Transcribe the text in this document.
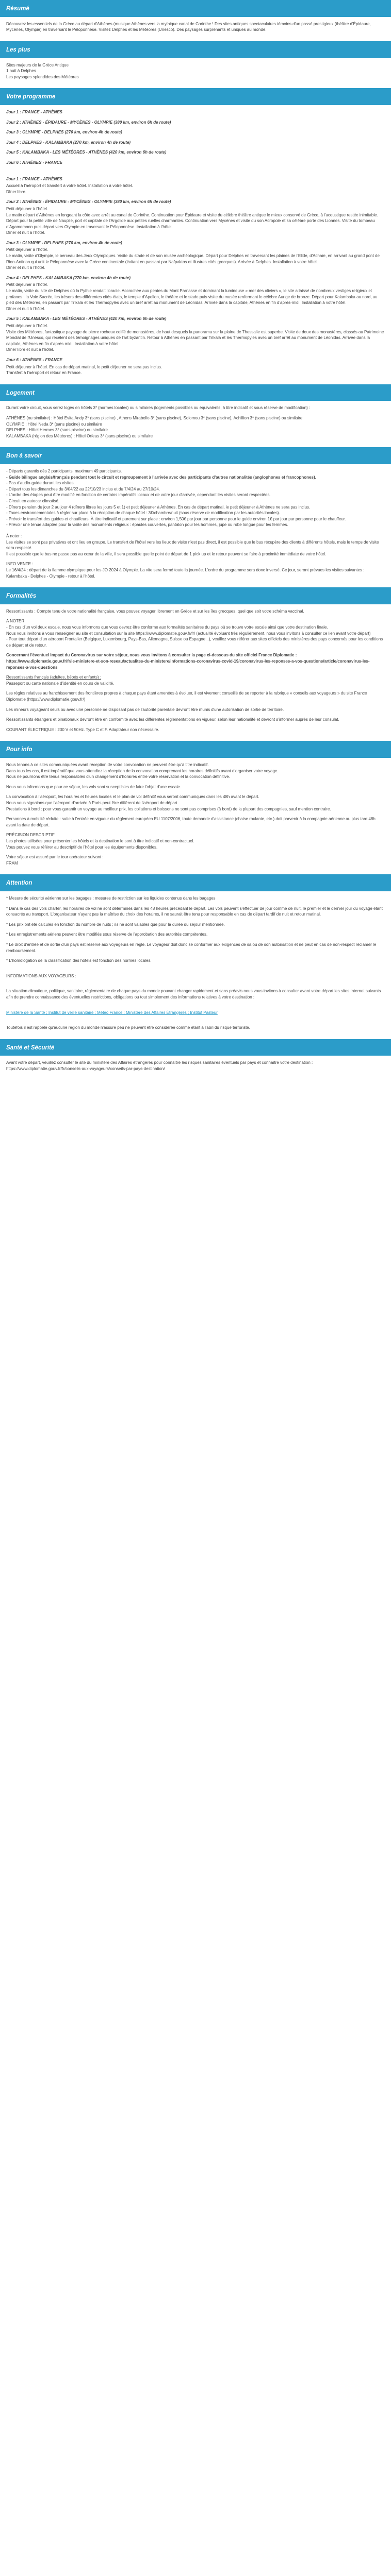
Résumé

Découvrez les essentiels de la Grèce au départ d'Athènes (musique Athènes vers la mythique canal de Corinthe ! Des sites antiques spectaculaires témoins d'un passé prestigieux (théâtre d'Épidaure, Mycènes, Olympie) en traversant le Péloponnèse. Visitez Delphes et les Météores (Unesco). Des paysages surprenants et uniques au monde.

Les plus

Sites majeurs de la Grèce Antique

1 nuit à Delphes

Les paysages splendides des Météores

Votre programme

Jour 1 : FRANCE - ATHÈNES

Jour 2 : ATHÈNES - ÉPIDAURE - MYCÈNES - OLYMPIE (380 km, environ 6h de route)

Jour 3 : OLYMPIE - DELPHES (270 km, environ 4h de route)

Jour 4 : DELPHES - KALAMBAKA (270 km, environ 4h de route)

Jour 5 : KALAMBAKA - LES MÉTÉORES - ATHÈNES (420 km, environ 6h de route)

Jour 6 : ATHÈNES - FRANCE

Jour 1 : FRANCE - ATHÈNES

Accueil à l'aéroport et transfert à votre hôtel. Installation à votre hôtel.

Dîner libre.

Jour 2 : ATHÈNES - ÉPIDAURE - MYCÈNES - OLYMPIE (380 km, environ 6h de route)

Petit déjeuner à l'hôtel.

Le matin départ d'Athènes en longeant la côte avec arrêt au canal de Corinthe. Continuation pour Épidaure et visite du célèbre théâtre antique le mieux conservé de Grèce, à l'acoustique restée inimitable. Départ pour la petite ville de Nauplie, port et capitale de l'Argolide aux petites ruelles charmantes. Continuation vers Mycènes et visite du son Acropole et sa célèbre porte des Lionnes. Visite du tombeau d'Agamemnon puis départ vers Olympie en traversant le Péloponnèse. Installation à l'hôtel.

Dîner et nuit à l'hôtel.

Jour 3 : OLYMPIE - DELPHES (270 km, environ 4h de route)

Petit déjeuner à l'hôtel.

Le matin, visite d'Olympie, le berceau des Jeux Olympiques. Visite du stade et de son musée archéologique. Départ pour Delphes en traversant les plaines de l'Elide, d'Achaïe, en arrivant au grand pont de Rion-Antirion qui unit le Péloponnèse avec la Grèce continentale (évitant en passant par Nafpaktos et illustres cités grecques). Arrivée à Delphes. Installation à votre hôtel.

Dîner et nuit à l'hôtel.

Jour 4 : DELPHES - KALAMBAKA (270 km, environ 4h de route)

Petit déjeuner à l'hôtel.

Le matin, visite du site de Delphes où la Pythie rendait l'oracle. Accrochée aux pentes du Mont Parnasse et dominant la lumineuse « mer des oliviers », le site a laissé de nombreux vestiges religieux et profanes : la Voie Sacrée, les trésors des différentes cités-états, le temple d'Apollon, le théâtre et le stade puis visite du musée renfermant le célèbre Aurige de bronze. Départ pour Kalambaka au nord, au pied des Météores, en passant par Trikala et les Thermopyles avec un bref arrêt au monument de Léonidas. Arrivée dans la capitale, Athènes en fin d'après-midi. Installation à votre hôtel.

Dîner et nuit à l'hôtel.

Jour 5 : KALAMBAKA - LES MÉTÉORES - ATHÈNES (420 km, environ 6h de route)

Petit déjeuner à l'hôtel.

Visite des Météores, fantastique paysage de pierre rocheux coiffé de monastères, de haut desquels la panorama sur la plaine de Thessalie est superbe. Visite de deux des monastères, classés au Patrimoine Mondial de l'Unesco, qui recèlent des témoignages uniques de l'art byzantin. Retour à Athènes en passant par Trikala et les Thermopyles avec un bref arrêt au monument de Léonidas. Arrivée dans la capitale, Athènes en fin d'après-midi. Installation à votre hôtel.

Dîner libre et nuit à l'hôtel.

Jour 6 : ATHÈNES - FRANCE

Petit déjeuner à l'hôtel. En cas de départ matinal, le petit déjeuner ne sera pas inclus.

Transfert à l'aéroport et retour en France.

Logement

Durant votre circuit, vous serez logés en hôtels 3* (normes locales) ou similaires (logements possibles ou équivalents, à titre indicatif et sous réserve de modification) :

ATHÈNES (ou similaire) : Hôtel Evita Andy 3* (sans piscine) , Athens Mirabello 3* (sans piscine), Solomou 3* (sans piscine), Achillion 3* (sans piscine) ou similaire

OLYMPIE : Hôtel Neda 3* (sans piscine) ou similaire

DELPHES : Hôtel Hermes 3* (sans piscine) ou similaire

KALAMBAKA (région des Météores) : Hôtel Orfeas 3* (sans piscine) ou similaire

Bon à savoir

- Départs garantis dès 2 participants, maximum 49 participants.

- Guide bilingue anglais/français pendant tout le circuit et regroupement à l'arrivée avec des participants d'autres nationalités (anglophones et francophones).

- Pas d'audio-guide durant les visites.

- Départ tous les dimanches du 3/04/22 au 22/10/23 inclus et du 7/4/24 au 27/10/24.

- L'ordre des étapes peut être modifié en fonction de certains impératifs locaux et de votre jour d'arrivée, cependant les visites seront respectées.

- Circuit en autocar climatisé.

- Dîners pension du jour 2 au jour 4 (dîners libres les jours 5 et 1) et petit déjeuner à Athènes. En cas de départ matinal, le petit déjeuner à Athènes ne sera pas inclus.

- Taxes environnementales à régler sur place à la réception de chaque hôtel : 3€/chambre/nuit (sous réserve de modification par les autorités locales).

- Prévoir le transfert des guides et chauffeurs. À titre indicatif et purement sur place : environ 1,50€ par jour par personne pour le guide environ 1€ par jour par personne pour le chauffeur.

- Prévoir une tenue adaptée pour la visite des monuments religieux : épaules couvertes, pantalon pour les hommes, jupe ou robe longue pour les femmes.

À noter :

Les visites se sont pas privatives et ont lieu en groupe. Le transfert de l'hôtel vers les lieux de visite n'est pas direct, il est possible que le bus récupère des clients à différents hôtels, mais le temps de visite sera respecté.

Il est possible que le bus ne passe pas au cœur de la ville, il sera possible que le point de départ de 1 pick up et le retour peuvent se faire à proximité immédiate de votre hôtel.

INFO VENTE :

Le 16/4/24 : départ de la flamme olympique pour les JO 2024 à Olympie. La vite sera fermé toute la journée. L'ordre du programme sera donc inversé. Ce jour, seront prévues les visites suivantes : Kalambaka - Delphes - Olympie - retour à l'hôtel.

Formalités

Ressortissants : Compte tenu de votre nationalité française, vous pouvez voyager librement en Grèce et sur les îles grecques, quel que soit votre schéma vaccinal.

A NOTER

- En cas d'un vol deux escale, nous vous informons que vous devrez être conforme aux formalités sanitaires du pays où se trouve votre escale ainsi que votre destination finale.

Nous vous invitons à vous renseigner au site et consultation sur la site https://www.diplomatie.gouv.fr/fr/ (actualité évoluant très régulièrement, nous vous invitons à consulter ce lien avant votre départ)

- Pour tout départ d'un aéroport Frontalier (Belgique, Luxembourg, Pays-Bas, Allemagne, Suisse ou Espagne...), veuillez vous référer aux sites officiels des ministères des pays concernés pour les conditions de départ et de retour.

Concernant l'éventuel Impact du Coronavirus sur votre séjour, nous vous invitons à consulter la page ci-dessous du site officiel France Diplomatie :

https://www.diplomatie.gouv.fr/fr/le-ministere-et-son-reseau/actualites-du-ministere/informations-coronavirus-covid-19/coronavirus-les-reponses-a-vos-questions/article/coronavirus-les-reponses-a-vos-questions

Ressortissants français (adultes, bébés et enfants) :

Passeport ou carte nationale d'identité en cours de validité.

Les règles relatives au franchissement des frontières propres à chaque pays étant amenées à évoluer, il est vivement conseillé de se reporter à la rubrique « conseils aux voyageurs » du site France Diplomatie (https://www.diplomatie.gouv.fr/)

Les mineurs voyageant seuls ou avec une personne ne disposant pas de l'autorité parentale devront être munis d'une autorisation de sortie de territoire.

Ressortissants étrangers et binationaux devront être en conformité avec les différentes réglementations en vigueur, selon leur nationalité et devront s'informer auprès de leur consulat.

COURANT ÉLECTRIQUE : 230 V et 50Hz. Type C et F. Adaptateur non nécessaire.

Pour info

Nous tenons à ce sites communiquées avant réception de votre convocation ne peuvent être qu'à titre indicatif.

Dans tous les cas, il est impératif que vous attendiez la réception de la convocation comprenant les horaires définitifs avant d'organiser votre voyage.

Nous ne pourrions être tenus responsables d'un changement d'horaires entre votre réservation et la convocation définitive.

Nous vous informons que pour ce séjour, les vols sont susceptibles de faire l'objet d'une escale.

La convocation à l'aéroport, les horaires et heures locales et le plan de vol définitif vous seront communiqués dans les 48h avant le départ.

Nous vous signalons que l'aéroport d'arrivée à Paris peut être différent de l'aéroport de départ.

Prestations à bord : pour vous garantir un voyage au meilleur prix, les collations et boissons ne sont pas comprises (à bord) de la plupart des compagnies, sauf mention contraire.

Personnes à mobilité réduite : suite à l'entrée en vigueur du règlement européen EU 1107/2006, toute demande d'assistance (chaise roulante, etc.) doit parvenir à la compagnie aérienne au plus tard 48h avant la date de départ.

PRÉCISION DESCRIPTIF

Les photos utilisées pour présenter les hôtels et la destination le sont à titre indicatif et non-contractuel.

Vous pouvez vous référer au descriptif de l'hôtel pour les équipements disponibles.

Votre séjour est assuré par le tour opérateur suivant :

FRAM

Attention

* Mesure de sécurité aérienne sur les bagages : mesures de restriction sur les liquides contenus dans les bagages

* Dans le cas des vols charter, les horaires de vol ne sont déterminés dans les 48 heures précédant le départ. Les vols peuvent s'effectuer de jour comme de nuit, le premier et le dernier jour du voyage étant consacrés au transport. L'organisateur n'ayant pas la maîtrise du choix des horaires, il ne saurait être tenu pour responsable en cas de départ tardif de nuit et retour matinal.

* Les prix ont été calculés en fonction du nombre de nuits ; ils ne sont valables que pour la durée du séjour mentionnée.

* Les enregistrements aériens peuvent être modifiés sous réserve de l'approbation des autorités compétentes.

* Le droit d'entrée et de sortie d'un pays est réservé aux voyageurs en règle. Le voyageur doit donc se conformer aux exigences de sa ou de son autorisation et ne peut en cas de non-respect réclamer le remboursement.

* L'homologation de la classification des hôtels est fonction des normes locales.

INFORMATIONS AUX VOYAGEURS :

La situation climatique, politique, sanitaire, réglementaire de chaque pays du monde pouvant changer rapidement et sans préavis nous vous invitons à consulter avant votre départ les sites Internet suivants afin de prendre connaissance des éventuelles restrictions, obligations ou tout simplement des informations relatives à votre destination :

Ministère de la Santé ; Institut de veille sanitaire ; Météo France ; Ministère des Affaires Étrangères ; Institut Pasteur

Toutefois il est rappelé qu'aucune région du monde n'assure peu ne peuvent être considérée comme étant à l'abri du risque terroriste.

Santé et Sécurité

Avant votre départ, veuillez consulter le site du ministère des Affaires étrangères pour connaître les risques sanitaires éventuels par pays et connaître votre destination : https://www.diplomatie.gouv.fr/fr/conseils-aux-voyageurs/conseils-par-pays-destination/
